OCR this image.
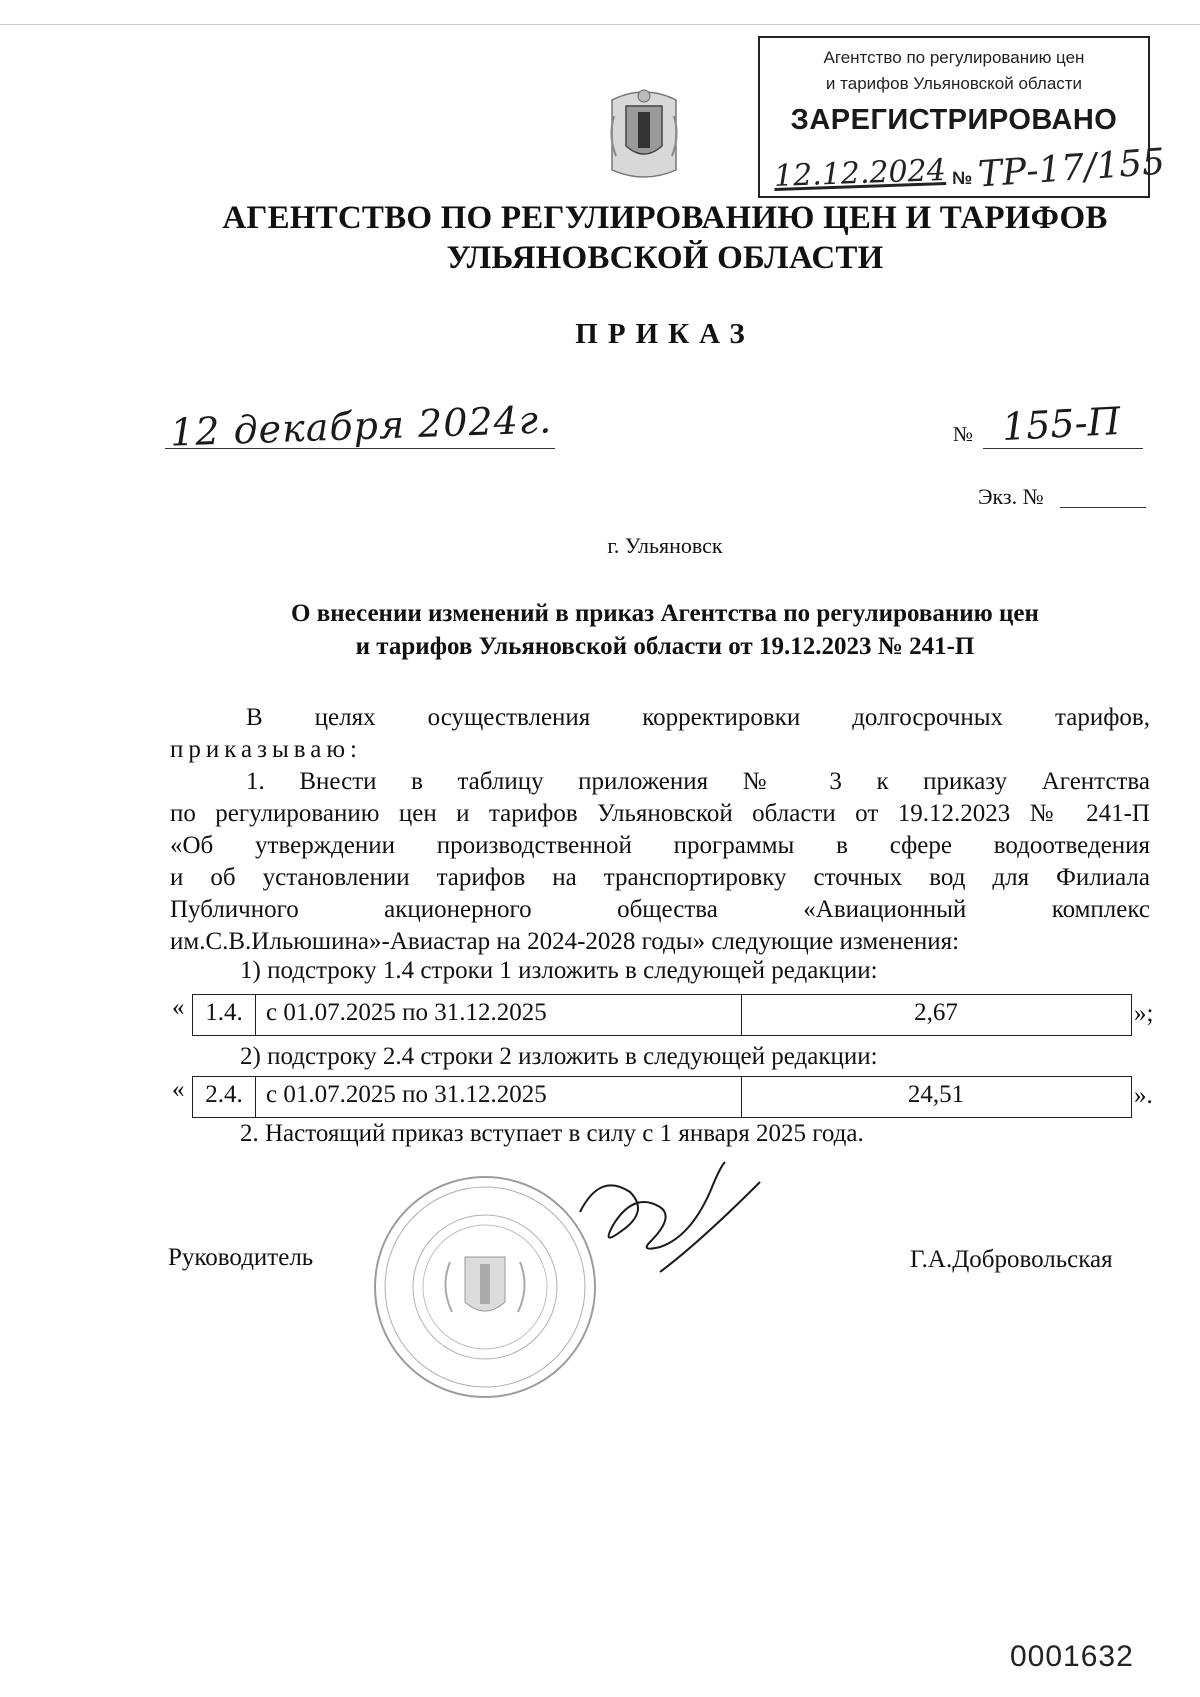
Агентство по регулированию цен
и тарифов Ульяновской области
ЗАРЕГИСТРИРОВАНО
12.12.2024 № ТР-17/155
АГЕНТСТВО ПО РЕГУЛИРОВАНИЮ ЦЕН И ТАРИФОВ
УЛЬЯНОВСКОЙ ОБЛАСТИ
ПРИКАЗ
12 декабря 2024г.	№ 155-П
Экз. №
г. Ульяновск
О внесении изменений в приказ Агентства по регулированию цен
и тарифов Ульяновской области от 19.12.2023 № 241-П
В целях осуществления корректировки долгосрочных тарифов,
приказываю:
1. Внести в таблицу приложения № 3 к приказу Агентства
по регулированию цен и тарифов Ульяновской области от 19.12.2023 № 241-П
«Об утверждении производственной программы в сфере водоотведения
и об установлении тарифов на транспортировку сточных вод для Филиала
Публичного акционерного общества «Авиационный комплекс
им.С.В.Ильюшина»-Авиастар на 2024-2028 годы» следующие изменения:
1) подстроку 1.4 строки 1 изложить в следующей редакции:
« 1.4. с 01.07.2025 по 31.12.2025	2,67	»;
2) подстроку 2.4 строки 2 изложить в следующей редакции:
« 2.4. с 01.07.2025 по 31.12.2025	24,51	».
2. Настоящий приказ вступает в силу с 1 января 2025 года.
Руководитель	Г.А.Добровольская
0001632
